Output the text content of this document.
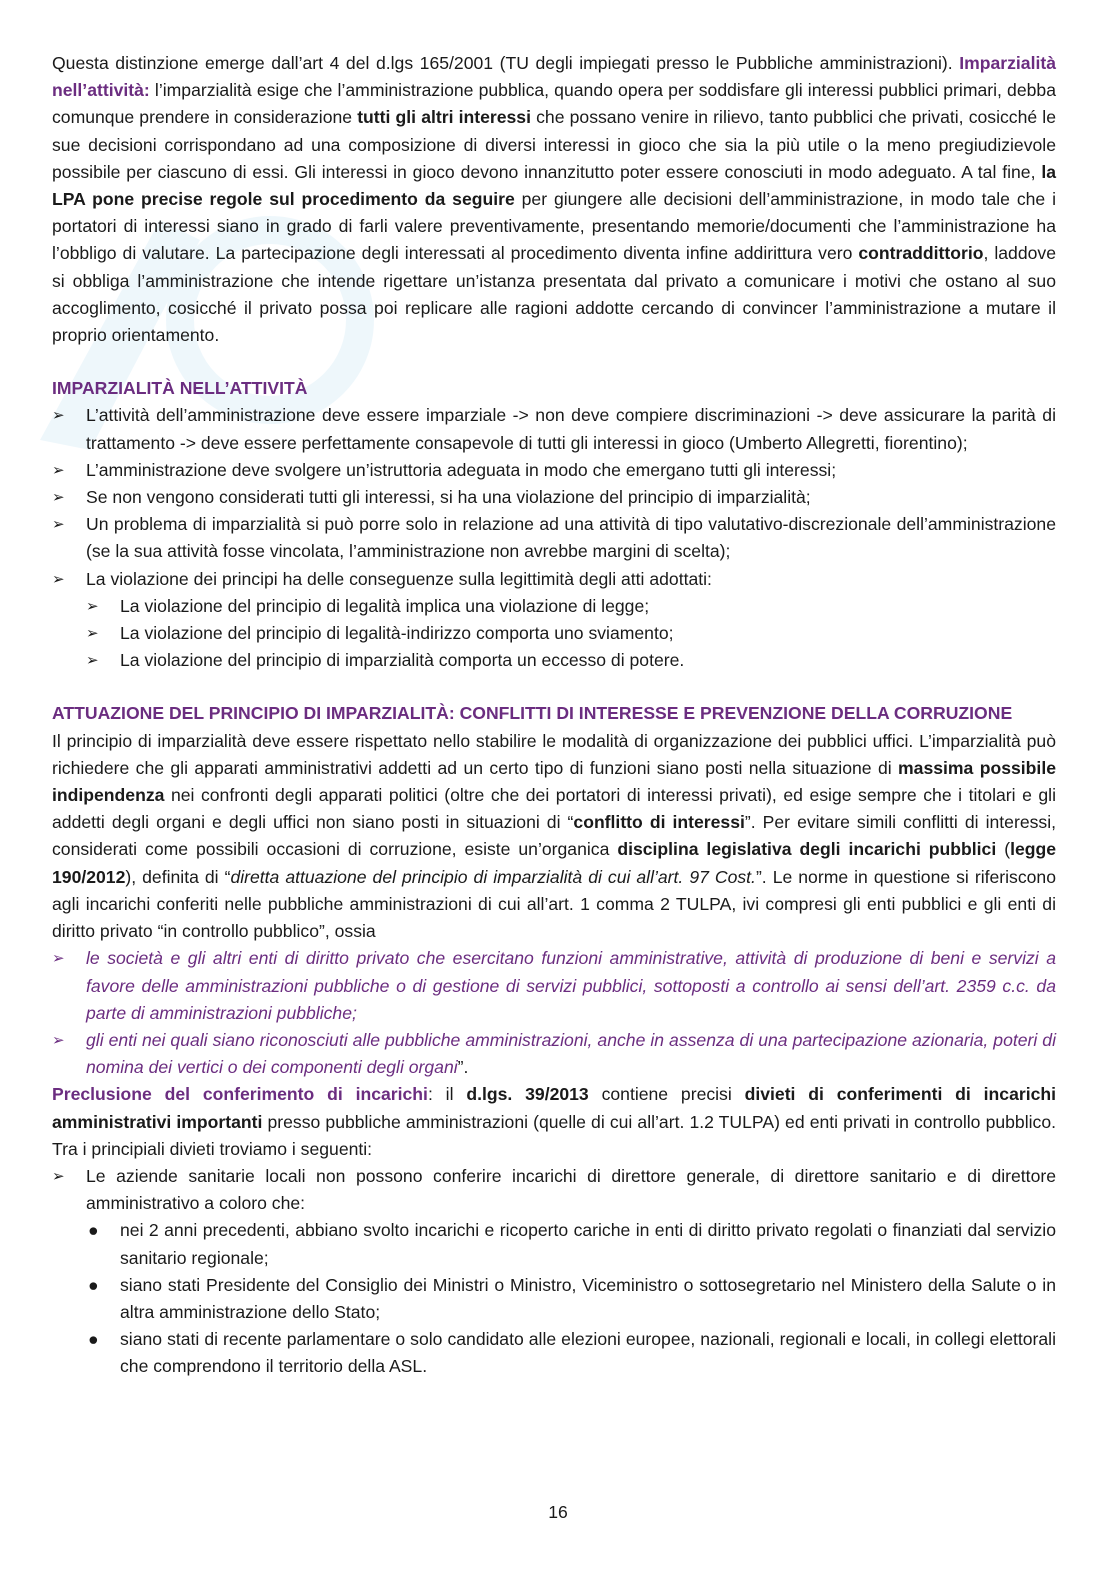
Questa distinzione emerge dall’art 4 del d.lgs 165/2001 (TU degli impiegati presso le Pubbliche amministrazioni). Imparzialità nell’attività: l’imparzialità esige che l’amministrazione pubblica, quando opera per soddisfare gli interessi pubblici primari, debba comunque prendere in considerazione tutti gli altri interessi che possano venire in rilievo, tanto pubblici che privati, cosicché le sue decisioni corrispondano ad una composizione di diversi interessi in gioco che sia la più utile o la meno pregiudizievole possibile per ciascuno di essi. Gli interessi in gioco devono innanzitutto poter essere conosciuti in modo adeguato. A tal fine, la LPA pone precise regole sul procedimento da seguire per giungere alle decisioni dell’amministrazione, in modo tale che i portatori di interessi siano in grado di farli valere preventivamente, presentando memorie/documenti che l’amministrazione ha l’obbligo di valutare. La partecipazione degli interessati al procedimento diventa infine addirittura vero contraddittorio, laddove si obbliga l’amministrazione che intende rigettare un’istanza presentata dal privato a comunicare i motivi che ostano al suo accoglimento, cosicché il privato possa poi replicare alle ragioni addotte cercando di convincer l’amministrazione a mutare il proprio orientamento.

IMPARZIALITÀ NELL’ATTIVITÀ
➢	L’attività dell’amministrazione deve essere imparziale -> non deve compiere discriminazioni -> deve assicurare la parità di trattamento -> deve essere perfettamente consapevole di tutti gli interessi in gioco (Umberto Allegretti, fiorentino);
➢	L’amministrazione deve svolgere un’istruttoria adeguata in modo che emergano tutti gli interessi;
➢	Se non vengono considerati tutti gli interessi, si ha una violazione del principio di imparzialità;
➢	Un problema di imparzialità si può porre solo in relazione ad una attività di tipo valutativo-discrezionale dell’amministrazione (se la sua attività fosse vincolata, l’amministrazione non avrebbe margini di scelta);
➢	La violazione dei principi ha delle conseguenze sulla legittimità degli atti adottati:
➢	La violazione del principio di legalità implica una violazione di legge;
➢	La violazione del principio di legalità-indirizzo comporta uno sviamento;
➢	La violazione del principio di imparzialità comporta un eccesso di potere.
ATTUAZIONE DEL PRINCIPIO DI IMPARZIALITÀ: CONFLITTI DI INTERESSE E PREVENZIONE DELLA CORRUZIONE

Il principio di imparzialità deve essere rispettato nello stabilire le modalità di organizzazione dei pubblici uffici. L’imparzialità può richiedere che gli apparati amministrativi addetti ad un certo tipo di funzioni siano posti nella situazione di massima possibile indipendenza nei confronti degli apparati politici (oltre che dei portatori di interessi privati), ed esige sempre che i titolari e gli addetti degli organi e degli uffici non siano posti in situazioni di “conflitto di interessi”. Per evitare simili conflitti di interessi, considerati come possibili occasioni di corruzione, esiste un’organica disciplina legislativa degli incarichi pubblici (legge 190/2012), definita di “diretta attuazione del principio di imparzialità di cui all’art. 97 Cost.”. Le norme in questione si riferiscono agli incarichi conferiti nelle pubbliche amministrazioni di cui all’art. 1 comma 2 TULPA, ivi compresi gli enti pubblici e gli enti di diritto privato “in controllo pubblico”, ossia

➢	le società e gli altri enti di diritto privato che esercitano funzioni amministrative, attività di produzione di beni e servizi a favore delle amministrazioni pubbliche o di gestione di servizi pubblici, sottoposti a controllo ai sensi dell’art. 2359 c.c. da parte di amministrazioni pubbliche;
➢	gli enti nei quali siano riconosciuti alle pubbliche amministrazioni, anche in assenza di una partecipazione azionaria, poteri di nomina dei vertici o dei componenti degli organi”.

Preclusione del conferimento di incarichi: il d.lgs. 39/2013 contiene precisi divieti di conferimenti di incarichi amministrativi importanti presso pubbliche amministrazioni (quelle di cui all’art. 1.2 TULPA) ed enti privati in controllo pubblico. Tra i principiali divieti troviamo i seguenti:

➢	Le aziende sanitarie locali non possono conferire incarichi di direttore generale, di direttore sanitario e di direttore amministrativo a coloro che:
● nei 2 anni precedenti, abbiano svolto incarichi e ricoperto cariche in enti di diritto privato regolati o finanziati dal servizio sanitario regionale;
● siano stati Presidente del Consiglio dei Ministri o Ministro, Viceministro o sottosegretario nel Ministero della Salute o in altra amministrazione dello Stato;
● siano stati di recente parlamentare o solo candidato alle elezioni europee, nazionali, regionali e locali, in collegi elettorali che comprendono il territorio della ASL.
16
